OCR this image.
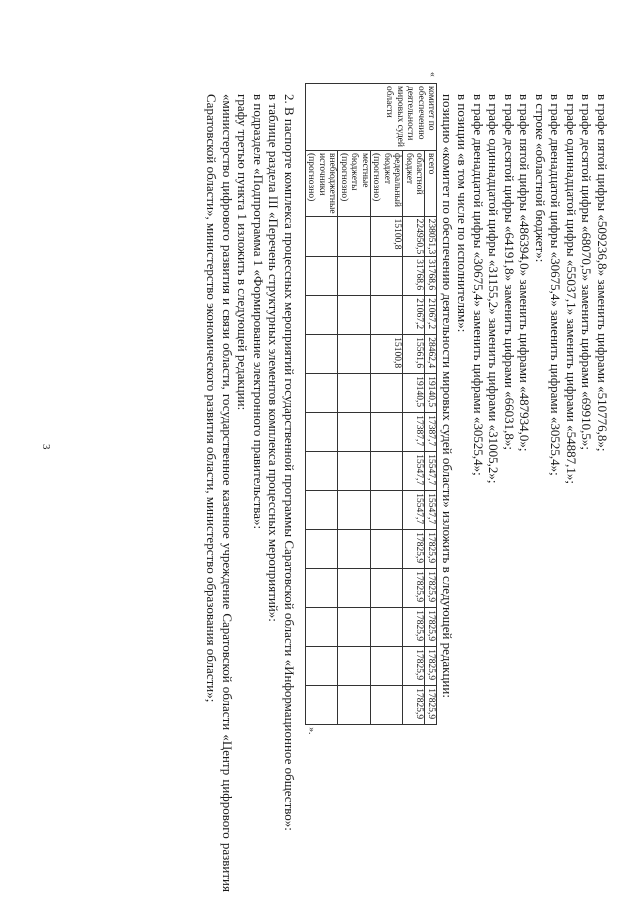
3	в графе пятой цифры «509236,8» заменить цифрами «510776,8»;
в графе десятой цифры «68070,5» заменить цифрами «69910,5»;
в графе одиннадцатой цифры «55037,1» заменить цифрами «54887,1»;
в графе двенадцатой цифры «30675,4» заменить цифрами «30525,4»;
в строке «областной бюджет»:
в графе пятой цифры «486394,0» заменить цифрами «487934,0»;
в графе десятой цифры «64191,8» заменить цифрами «66031,8»;
в графе одиннадцатой цифры «31155,2» заменить цифрами «31005,2»;
в графе двенадцатой цифры «30675,4» заменить цифрами «30525,4»;
в позиции «в том числе по исполнителям»:
позицию «комитет по обеспечению деятельности мировых судей области» изложить в следующей редакции:
«	комитет по обеспечению деятельности мировых судей области	всего	238051,3	31768,6	21067,2	28462,4	19140,5	17387,7	15547,7	15547,7	17825,9	17825,9	17825,9	17825,9	17825,9	
		областной бюджет	224950,5	31768,6	21067,2	15561,6	19140,5	17387,7	15547,7	15547,7	17825,9	17825,9	17825,9	17825,9	17825,9	
		федеральный бюджет (прогнозно)	15100,8			15100,8										
		местные бюджеты (прогнозно)														
		внебюджетные источники (прогнозно)														».
2. В паспорте комплекса процессных мероприятий государственной программы Саратовской области «Информационное общество»:
в таблице раздела III «Перечень структурных элементов комплекса процессных мероприятий»:
в подразделе «Подпрограмма 1 «Формирование электронного правительства»:
графу третью пункта 1 изложить в следующей редакции:
«министерство цифрового развития и связи области, государственное казенное учреждение Саратовской области «Центр цифрового развития Саратовской области», министерство экономического развития области, министерство образования области»;
